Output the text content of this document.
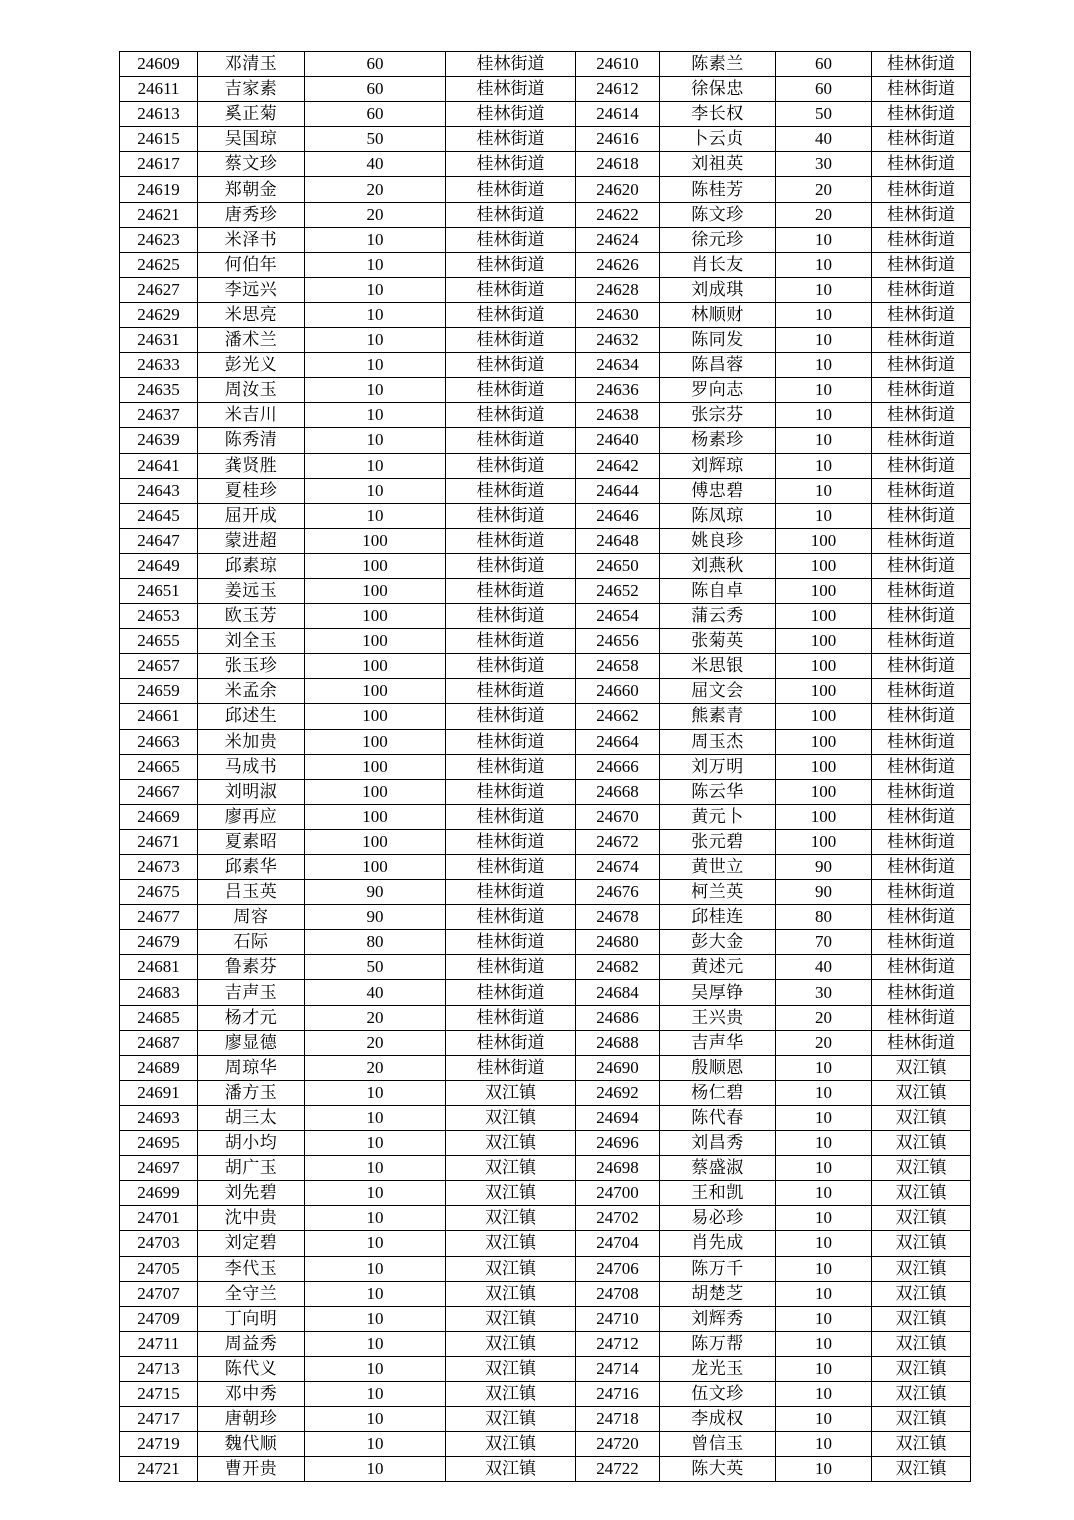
24609	邓清玉	60	桂林街道	24610	陈素兰	60	桂林街道
24611	吉家素	60	桂林街道	24612	徐保忠	60	桂林街道
24613	奚正菊	60	桂林街道	24614	李长权	50	桂林街道
24615	吴国琼	50	桂林街道	24616	卜云贞	40	桂林街道
24617	蔡文珍	40	桂林街道	24618	刘祖英	30	桂林街道
24619	郑朝金	20	桂林街道	24620	陈桂芳	20	桂林街道
24621	唐秀珍	20	桂林街道	24622	陈文珍	20	桂林街道
24623	米泽书	10	桂林街道	24624	徐元珍	10	桂林街道
24625	何伯年	10	桂林街道	24626	肖长友	10	桂林街道
24627	李远兴	10	桂林街道	24628	刘成琪	10	桂林街道
24629	米思亮	10	桂林街道	24630	林顺财	10	桂林街道
24631	潘术兰	10	桂林街道	24632	陈同发	10	桂林街道
24633	彭光义	10	桂林街道	24634	陈昌蓉	10	桂林街道
24635	周汝玉	10	桂林街道	24636	罗向志	10	桂林街道
24637	米吉川	10	桂林街道	24638	张宗芬	10	桂林街道
24639	陈秀清	10	桂林街道	24640	杨素珍	10	桂林街道
24641	龚贤胜	10	桂林街道	24642	刘辉琼	10	桂林街道
24643	夏桂珍	10	桂林街道	24644	傅忠碧	10	桂林街道
24645	屈开成	10	桂林街道	24646	陈凤琼	10	桂林街道
24647	蒙进超	100	桂林街道	24648	姚良珍	100	桂林街道
24649	邱素琼	100	桂林街道	24650	刘燕秋	100	桂林街道
24651	姜远玉	100	桂林街道	24652	陈自卓	100	桂林街道
24653	欧玉芳	100	桂林街道	24654	蒲云秀	100	桂林街道
24655	刘全玉	100	桂林街道	24656	张菊英	100	桂林街道
24657	张玉珍	100	桂林街道	24658	米思银	100	桂林街道
24659	米孟余	100	桂林街道	24660	屈文会	100	桂林街道
24661	邱述生	100	桂林街道	24662	熊素青	100	桂林街道
24663	米加贵	100	桂林街道	24664	周玉杰	100	桂林街道
24665	马成书	100	桂林街道	24666	刘万明	100	桂林街道
24667	刘明淑	100	桂林街道	24668	陈云华	100	桂林街道
24669	廖再应	100	桂林街道	24670	黄元卜	100	桂林街道
24671	夏素昭	100	桂林街道	24672	张元碧	100	桂林街道
24673	邱素华	100	桂林街道	24674	黄世立	90	桂林街道
24675	吕玉英	90	桂林街道	24676	柯兰英	90	桂林街道
24677	周容	90	桂林街道	24678	邱桂连	80	桂林街道
24679	石际	80	桂林街道	24680	彭大金	70	桂林街道
24681	鲁素芬	50	桂林街道	24682	黄述元	40	桂林街道
24683	吉声玉	40	桂林街道	24684	吴厚铮	30	桂林街道
24685	杨才元	20	桂林街道	24686	王兴贵	20	桂林街道
24687	廖显德	20	桂林街道	24688	吉声华	20	桂林街道
24689	周琼华	20	桂林街道	24690	殷顺恩	10	双江镇
24691	潘方玉	10	双江镇	24692	杨仁碧	10	双江镇
24693	胡三太	10	双江镇	24694	陈代春	10	双江镇
24695	胡小均	10	双江镇	24696	刘昌秀	10	双江镇
24697	胡广玉	10	双江镇	24698	蔡盛淑	10	双江镇
24699	刘先碧	10	双江镇	24700	王和凯	10	双江镇
24701	沈中贵	10	双江镇	24702	易必珍	10	双江镇
24703	刘定碧	10	双江镇	24704	肖先成	10	双江镇
24705	李代玉	10	双江镇	24706	陈万千	10	双江镇
24707	全守兰	10	双江镇	24708	胡楚芝	10	双江镇
24709	丁向明	10	双江镇	24710	刘辉秀	10	双江镇
24711	周益秀	10	双江镇	24712	陈万帮	10	双江镇
24713	陈代义	10	双江镇	24714	龙光玉	10	双江镇
24715	邓中秀	10	双江镇	24716	伍文珍	10	双江镇
24717	唐朝珍	10	双江镇	24718	李成权	10	双江镇
24719	魏代顺	10	双江镇	24720	曾信玉	10	双江镇
24721	曹开贵	10	双江镇	24722	陈大英	10	双江镇
